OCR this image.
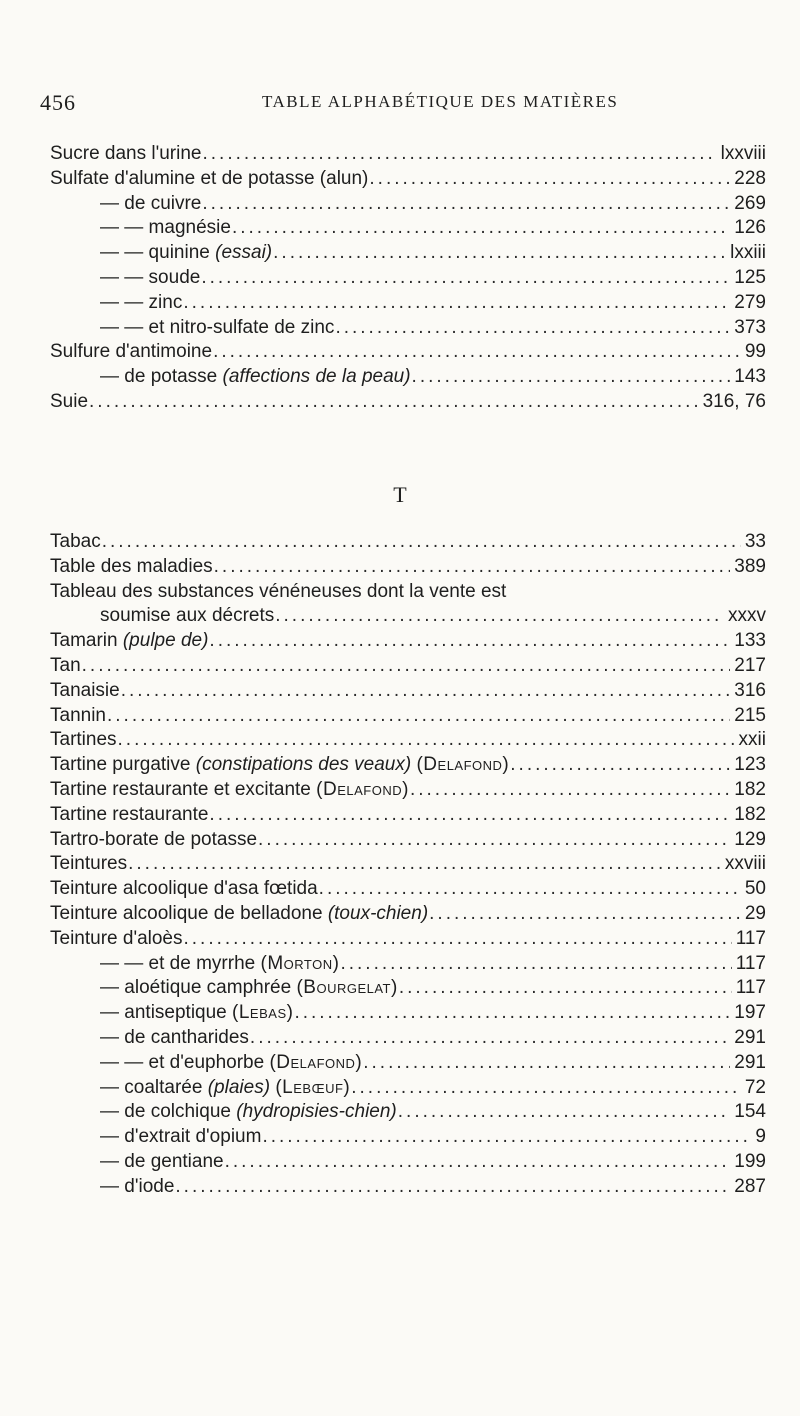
456	TABLE ALPHABÉTIQUE DES MATIÈRES
Sucre dans l'urine .....	lxxviii
Sulfate d'alumine et de potasse (alun) .....	228
— de cuivre .....	269
— — magnésie .....	126
— — quinine (essai) .....	lxxiii
— — soude .....	125
— — zinc .....	279
— — et nitro-sulfate de zinc .....	373
Sulfure d'antimoine .....	99
— de potasse (affections de la peau) .....	143
Suie .....	316, 76
T
Tabac .....	33
Table des maladies .....	389
Tableau des substances vénéneuses dont la vente est
soumise aux décrets .....	xxxv
Tamarin (pulpe de) .....	133
Tan .....	217
Tanaisie .....	316
Tannin .....	215
Tartines .....	xxii
Tartine purgative (constipations des veaux) (Delafond) .....	123
Tartine restaurante et excitante (Delafond) .....	182
Tartine restaurante .....	182
Tartro-borate de potasse .....	129
Teintures .....	xxviii
Teinture alcoolique d'asa fœtida .....	50
Teinture alcoolique de belladone (toux-chien) .....	29
Teinture d'aloès .....	117
— — et de myrrhe (Morton) .....	117
— aloétique camphrée (Bourgelat) .....	117
— antiseptique (Lebas) .....	197
— de cantharides .....	291
— — et d'euphorbe (Delafond) .....	291
— coaltarée (plaies) (Lebœuf) .....	72
— de colchique (hydropisies-chien) .....	154
— d'extrait d'opium .....	9
— de gentiane .....	199
— d'iode .....	287
